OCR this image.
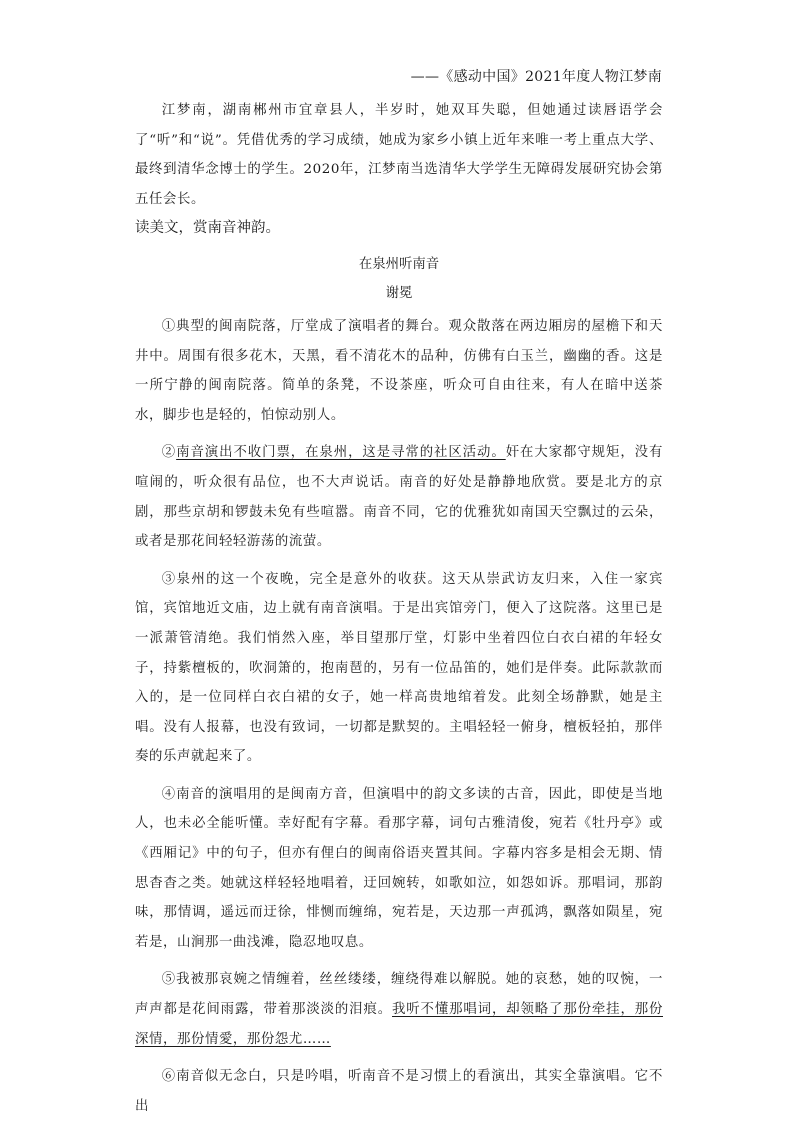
——《感动中国》2021年度人物江梦南

江梦南，湖南郴州市宜章县人，半岁时，她双耳失聪，但她通过读唇语学会了“听”和“说”。凭借优秀的学习成绩，她成为家乡小镇上近年来唯一考上重点大学、最终到清华念博士的学生。2020年，江梦南当选清华大学学生无障碍发展研究协会第五任会长。

读美文，赏南音神韵。

在泉州听南音
谢冕

①典型的闽南院落，厅堂成了演唱者的舞台。观众散落在两边厢房的屋檐下和天井中。周围有很多花木，天黑，看不清花木的品种，仿佛有白玉兰，幽幽的香。这是一所宁静的闽南院落。简单的条凳，不设茶座，听众可自由往来，有人在暗中送茶水，脚步也是轻的，怕惊动别人。

②南音演出不收门票，在泉州，这是寻常的社区活动。奸在大家都守规矩，没有喧闹的，听众很有品位，也不大声说话。南音的好处是静静地欣赏。要是北方的京剧，那些京胡和锣鼓未免有些喧嚣。南音不同，它的优雅犹如南国天空飘过的云朵，或者是那花间轻轻游荡的流萤。

③泉州的这一个夜晚，完全是意外的收获。这天从崇武访友归来，入住一家宾馆，宾馆地近文庙，边上就有南音演唱。于是出宾馆旁门，便入了这院落。这里已是一派萧管清绝。我们悄然入座，举目望那厅堂，灯影中坐着四位白衣白裙的年轻女子，持紫檀板的，吹洞箫的，抱南琶的，另有一位品笛的，她们是伴奏。此际款款而入的，是一位同样白衣白裙的女子，她一样高贵地绾着发。此刻全场静默，她是主唱。没有人报幕，也没有致词，一切都是默契的。主唱轻轻一俯身，檀板轻拍，那伴奏的乐声就起来了。

④南音的演唱用的是闽南方音，但演唱中的韵文多读的古音，因此，即使是当地人，也未必全能听懂。幸好配有字幕。看那字幕，词句古雅清俊，宛若《牡丹亭》或《西厢记》中的句子，但亦有俚白的闽南俗语夹置其间。字幕内容多是相会无期、情思杳杳之类。她就这样轻轻地唱着，迂回婉转，如歌如泣，如怨如诉。那唱词，那韵味，那情调，遥远而迂徐，悱恻而缠绵，宛若是，天边那一声孤鸿，飘落如陨星，宛若是，山涧那一曲浅滩，隐忍地叹息。

⑤我被那哀婉之情缠着，丝丝缕缕，缠绕得难以解脱。她的哀愁，她的叹惋，一声声都是花间雨露，带着那淡淡的泪痕。我听不懂那唱词，却领略了那份牵挂，那份深情，那份情愛，那份怨尤……

⑥南音似无念白，只是吟唱，听南音不是习惯上的看演出，其实全靠演唱。它不出
